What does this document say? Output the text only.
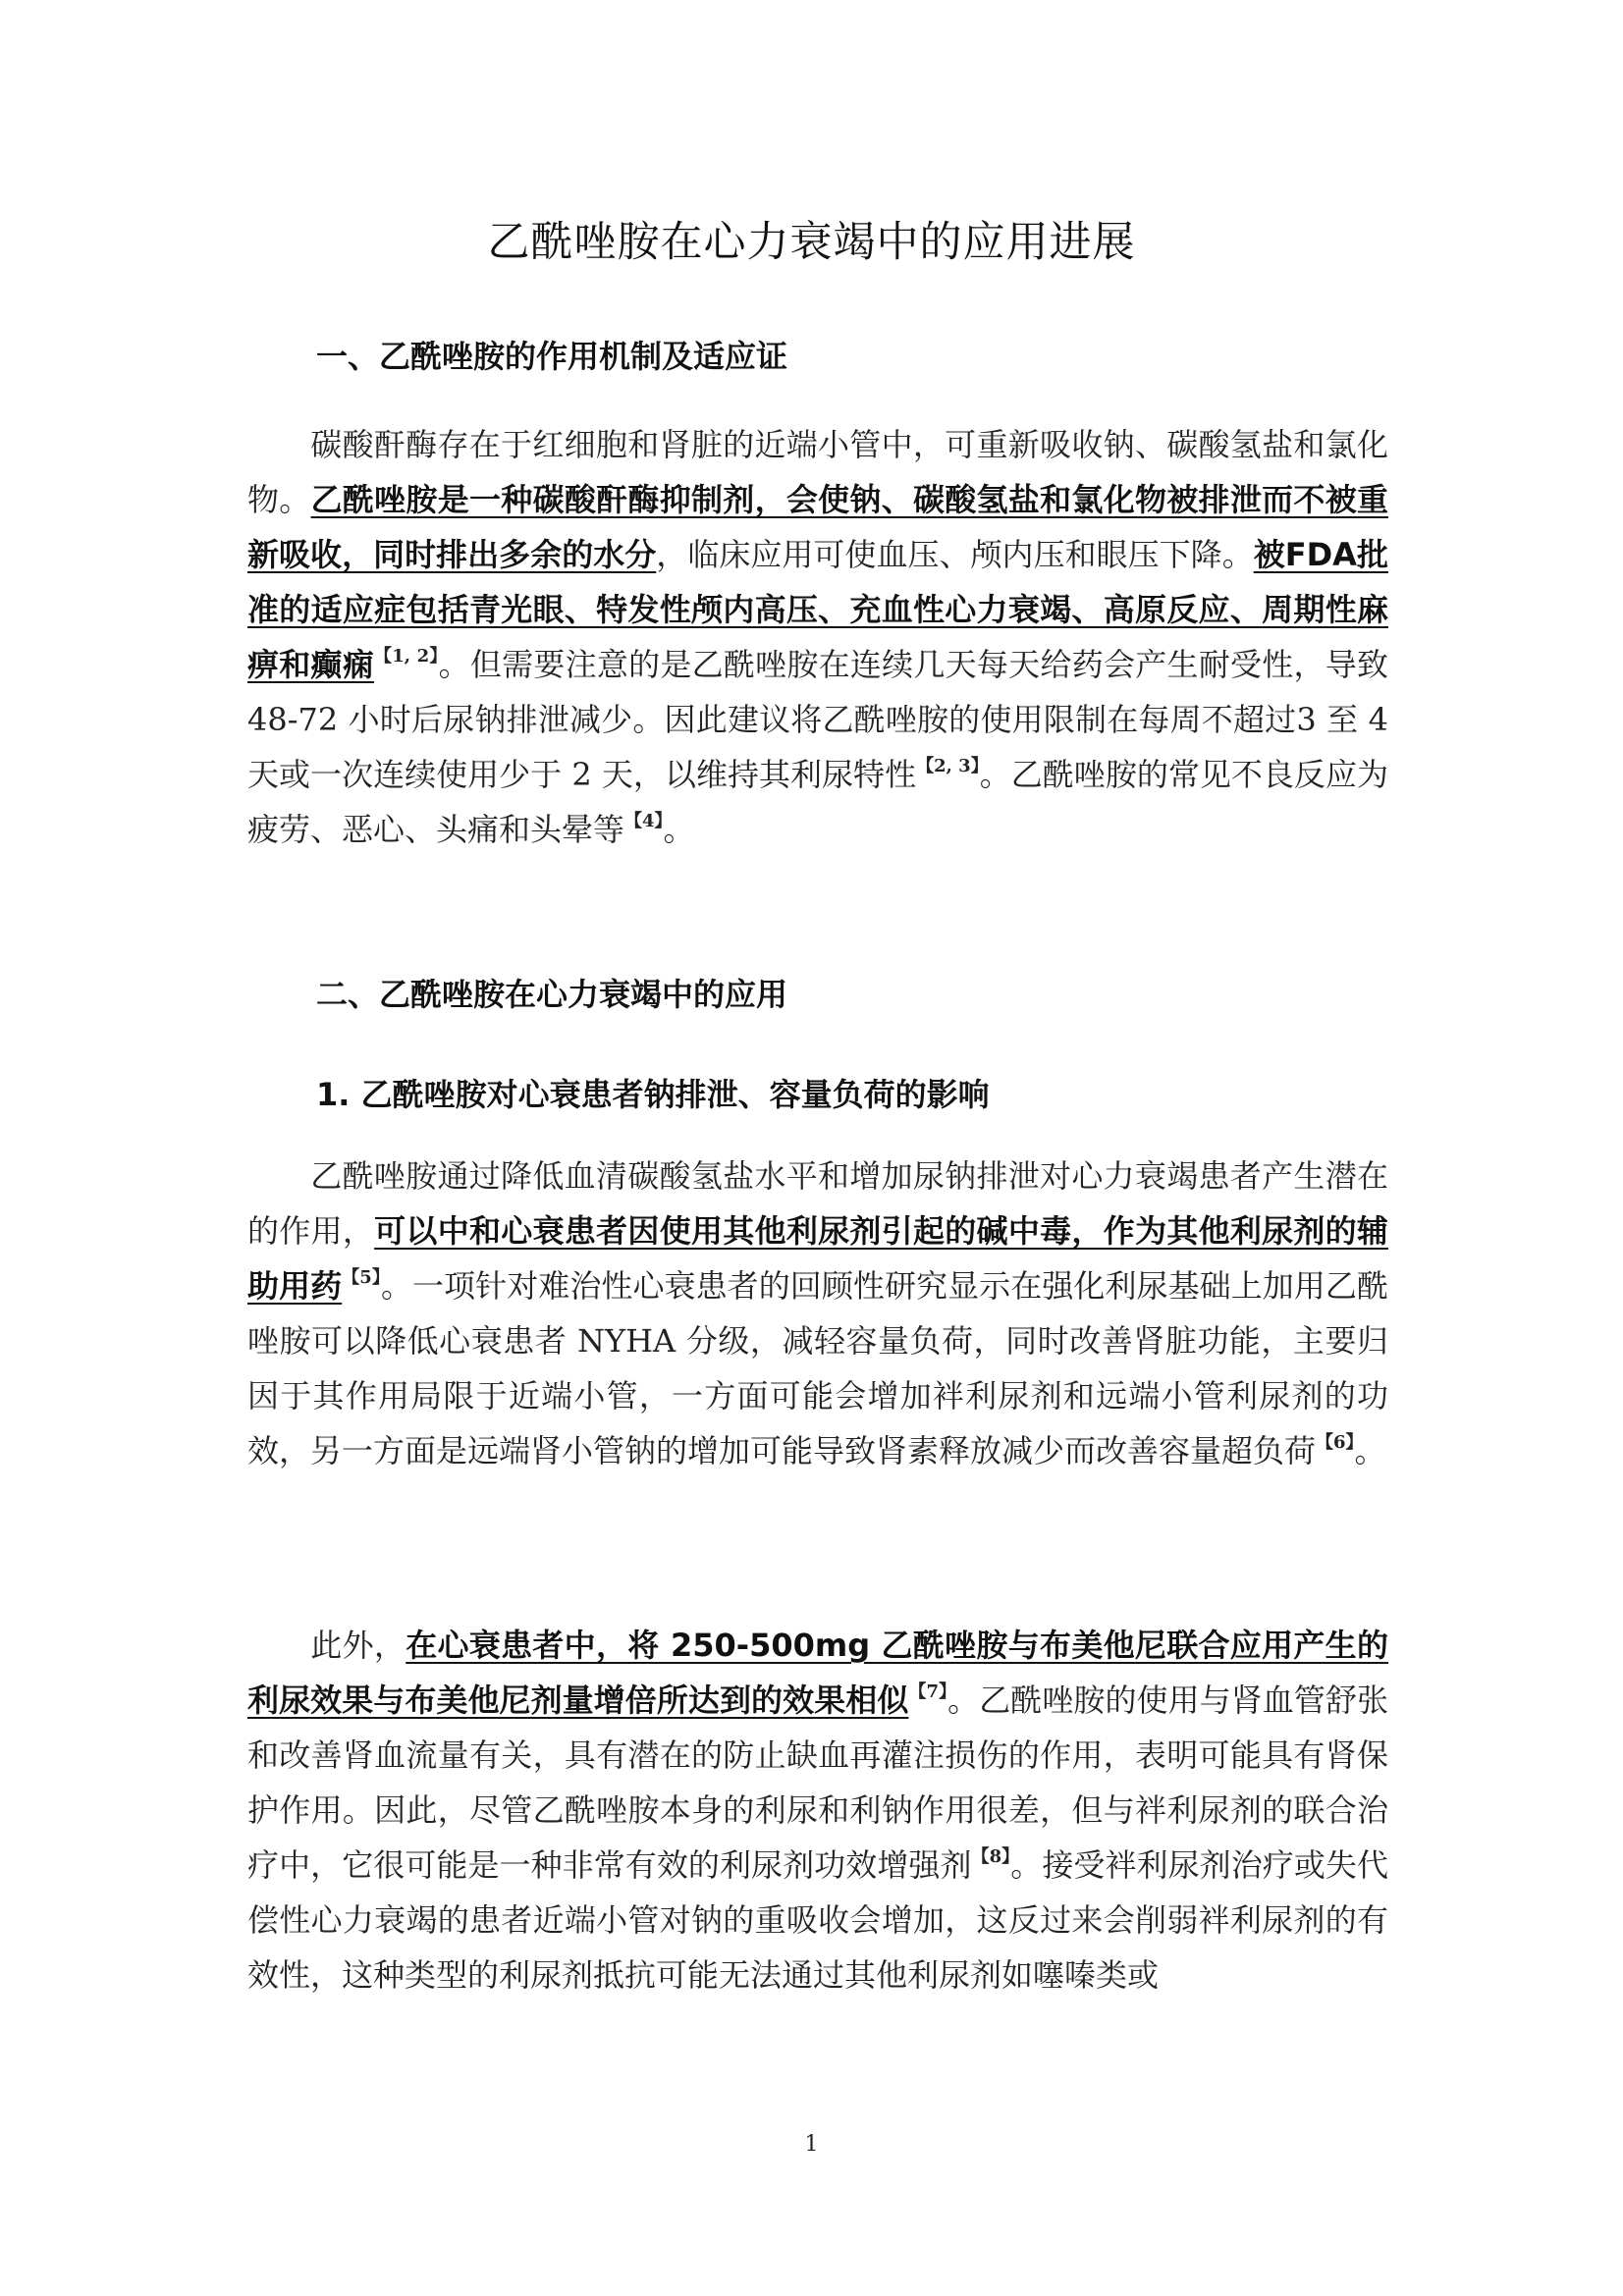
乙酰唑胺在心力衰竭中的应用进展
一、乙酰唑胺的作用机制及适应证
碳酸酐酶存在于红细胞和肾脏的近端小管中，可重新吸收钠、碳酸氢盐和氯化物。乙酰唑胺是一种碳酸酐酶抑制剂，会使钠、碳酸氢盐和氯化物被排泄而不被重新吸收，同时排出多余的水分，临床应用可使血压、颅内压和眼压下降。被FDA批准的适应症包括青光眼、特发性颅内高压、充血性心力衰竭、高原反应、周期性麻痹和癫痫$^{【1, 2】}$。但需要注意的是乙酰唑胺在连续几天每天给药会产生耐受性，导致 48-72 小时后尿钠排泄减少。因此建议将乙酰唑胺的使用限制在每周不超过3 至 4 天或一次连续使用少于 2 天，以维持其利尿特性$^{【2, 3】}$。乙酰唑胺的常见不良反应为疲劳、恶心、头痛和头晕等$^{【4】}$。
二、乙酰唑胺在心力衰竭中的应用
1. 乙酰唑胺对心衰患者钠排泄、容量负荷的影响
乙酰唑胺通过降低血清碳酸氢盐水平和增加尿钠排泄对心力衰竭患者产生潜在的作用，可以中和心衰患者因使用其他利尿剂引起的碱中毒，作为其他利尿剂的辅助用药$^{【5】}$。一项针对难治性心衰患者的回顾性研究显示在强化利尿基础上加用乙酰唑胺可以降低心衰患者 NYHA 分级，减轻容量负荷，同时改善肾脏功能，主要归因于其作用局限于近端小管，一方面可能会增加袢利尿剂和远端小管利尿剂的功效，另一方面是远端肾小管钠的增加可能导致肾素释放减少而改善容量超负荷$^{【6】}$。
此外，在心衰患者中，将 250-500mg 乙酰唑胺与布美他尼联合应用产生的利尿效果与布美他尼剂量增倍所达到的效果相似$^{【7】}$。乙酰唑胺的使用与肾血管舒张和改善肾血流量有关，具有潜在的防止缺血再灌注损伤的作用，表明可能具有肾保护作用。因此，尽管乙酰唑胺本身的利尿和利钠作用很差，但与袢利尿剂的联合治疗中，它很可能是一种非常有效的利尿剂功效增强剂$^{【8】}$。接受袢利尿剂治疗或失代偿性心力衰竭的患者近端小管对钠的重吸收会增加，这反过来会削弱袢利尿剂的有效性，这种类型的利尿剂抵抗可能无法通过其他利尿剂如噻嗪类或
1
